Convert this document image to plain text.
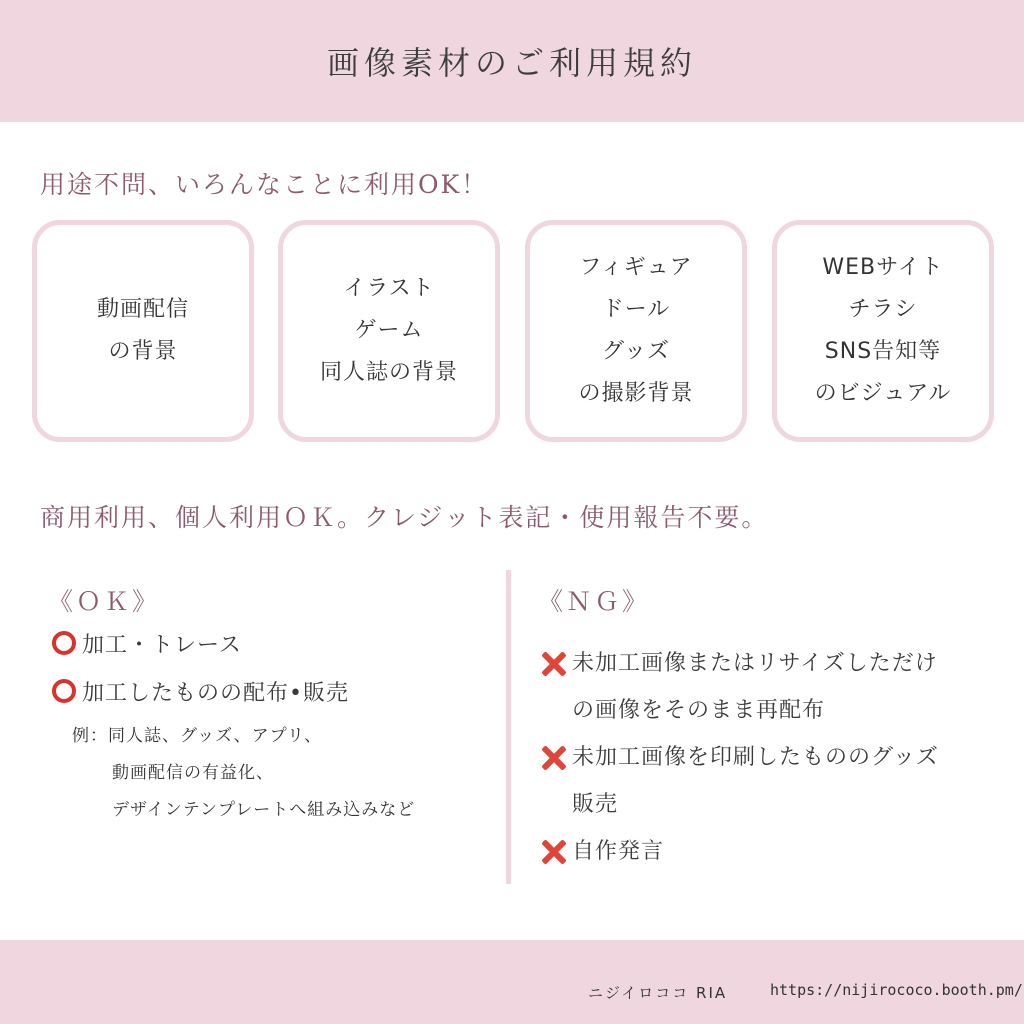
画像素材のご利用規約
用途不問、いろんなことに利用OK！
動画配信
の背景
イラスト
ゲーム
同人誌の背景
フィギュア
ドール
グッズ
の撮影背景
WEBサイト
チラシ
SNS告知等
のビジュアル
商用利用、個人利用ＯＫ。クレジット表記・使用報告不要。
《ＯＫ》	《ＮＧ》
加工・トレース
加工したものの配布•販売
例：同人誌、グッズ、アプリ、
動画配信の有益化、
デザインテンプレートへ組み込みなど
未加工画像またはリサイズしただけ
の画像をそのまま再配布
未加工画像を印刷したもののグッズ
販売
自作発言
ニジイロココ RIA	https://nijirococo.booth.pm/
